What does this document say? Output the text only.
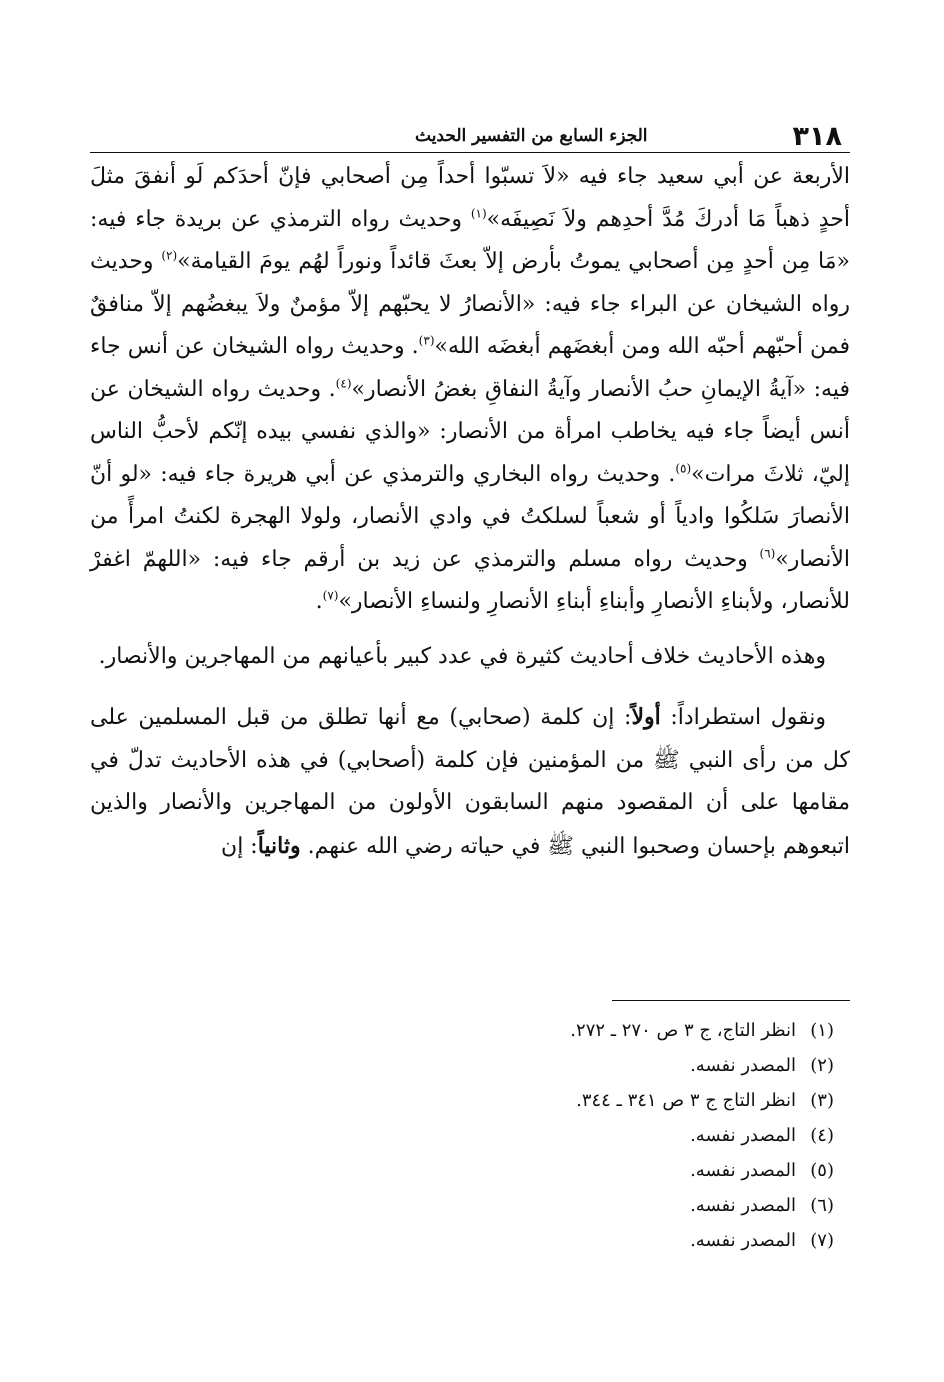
٣١٨
الجزء السابع من التفسير الحديث

الأربعة عن أبي سعيد جاء فيه «لاَ تسبّوا أحداً مِن أصحابي فإنّ أحدَكم لَو أنفقَ مثلَ أحدٍ ذهباً مَا أدركَ مُدَّ أحدِهم ولاَ نَصِيفَه»$^{(١)}$ وحديث رواه الترمذي عن بريدة جاء فيه: «مَا مِن أحدٍ مِن أصحابي يموتُ بأرض إلاّ بعثَ قائداً ونوراً لهُم يومَ القيامة»$^{(٢)}$ وحديث رواه الشيخان عن البراء جاء فيه: «الأنصارُ لا يحبّهم إلاّ مؤمنٌ ولاَ يبغضُهم إلاّ منافقٌ فمن أحبّهم أحبّه الله ومن أبغضَهم أبغضَه الله»$^{(٣)}$. وحديث رواه الشيخان عن أنس جاء فيه: «آيةُ الإيمانِ حبُ الأنصار وآيةُ النفاقِ بغضُ الأنصار»$^{(٤)}$. وحديث رواه الشيخان عن أنس أيضاً جاء فيه يخاطب امرأة من الأنصار: «والذي نفسي بيده إنّكم لأحبُّ الناس إليّ، ثلاثَ مرات»$^{(٥)}$. وحديث رواه البخاري والترمذي عن أبي هريرة جاء فيه: «لو أنّ الأنصارَ سَلكُوا وادياً أو شعباً لسلكتُ في وادي الأنصار، ولولا الهجرة لكنتُ امرأً من الأنصار»$^{(٦)}$ وحديث رواه مسلم والترمذي عن زيد بن أرقم جاء فيه: «اللهمّ اغفرْ للأنصار، ولأبناءِ الأنصارِ وأبناءِ أبناءِ الأنصارِ ولنساءِ الأنصار»$^{(٧)}$.

وهذه الأحاديث خلاف أحاديث كثيرة في عدد كبير بأعيانهم من المهاجرين والأنصار.

ونقول استطراداً: أولاً: إن كلمة (صحابي) مع أنها تطلق من قبل المسلمين على كل من رأى النبي ﷺ من المؤمنين فإن كلمة (أصحابي) في هذه الأحاديث تدلّ في مقامها على أن المقصود منهم السابقون الأولون من المهاجرين والأنصار والذين اتبعوهم بإحسان وصحبوا النبي ﷺ في حياته رضي الله عنهم. وثانياً: إن

(١)انظر التاج، ج ٣ ص ٢٧٠ ـ ٢٧٢.
(٢)المصدر نفسه.
(٣)انظر التاج ج ٣ ص ٣٤١ ـ ٣٤٤.
(٤)المصدر نفسه.
(٥)المصدر نفسه.
(٦)المصدر نفسه.
(٧)المصدر نفسه.
